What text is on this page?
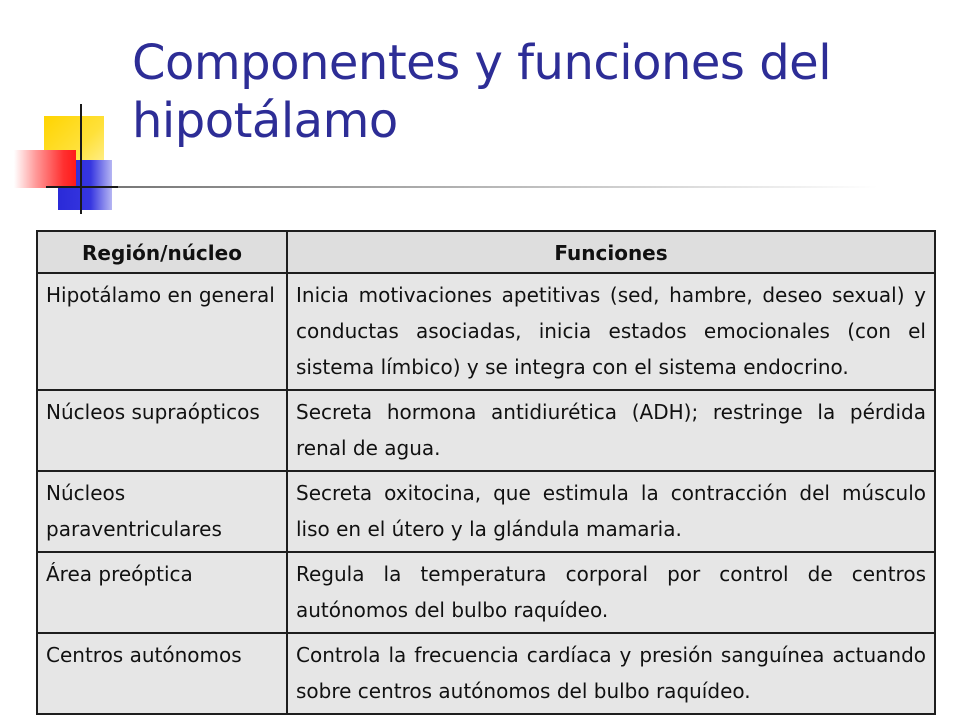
Componentes y funciones del hipotálamo
Región/núcleo	Funciones
Hipotálamo en general	Inicia motivaciones apetitivas (sed, hambre, deseo sexual) y conductas asociadas, inicia estados emocionales (con el sistema límbico) y se integra con el sistema endocrino.
Núcleos supraópticos	Secreta hormona antidiurética (ADH); restringe la pérdida renal de agua.
Núcleos paraventriculares	Secreta oxitocina, que estimula la contracción del músculo liso en el útero y la glándula mamaria.
Área preóptica	Regula la temperatura corporal por control de centros autónomos del bulbo raquídeo.
Centros autónomos	Controla la frecuencia cardíaca y presión sanguínea actuando sobre centros autónomos del bulbo raquídeo.
